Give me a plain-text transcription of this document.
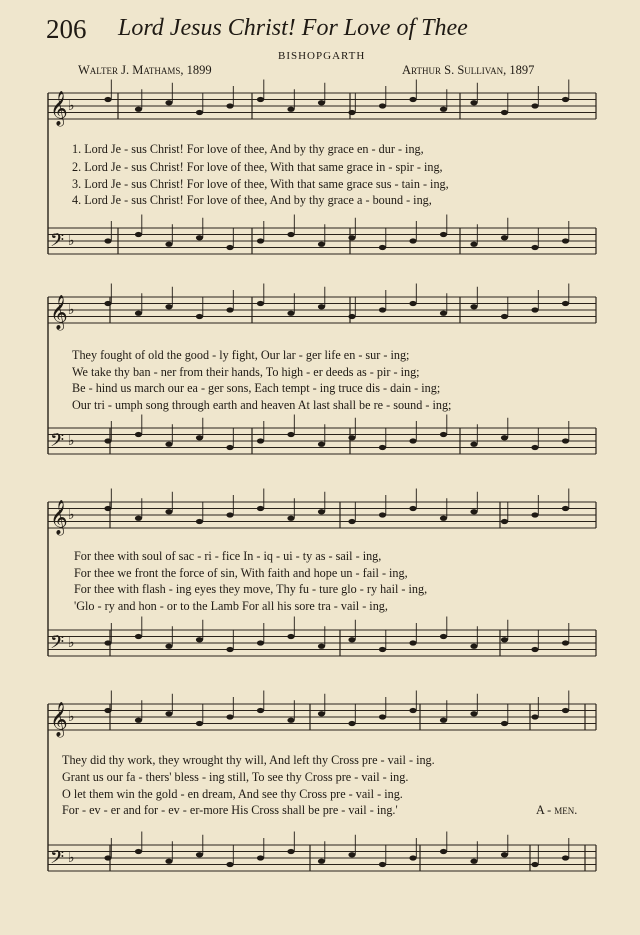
206 Lord Jesus Christ! For Love of Thee
BISHOPGARTH
Walter J. Mathams, 1899	Arthur S. Sullivan, 1897
𝄞 ♭
𝄢 ♭
𝄞 ♭
𝄢 ♭
𝄞 ♭
𝄢 ♭
𝄞 ♭
𝄢 ♭
1. Lord Je - sus Christ! For love of thee, And by thy grace en - dur - ing,
2. Lord Je - sus Christ! For love of thee, With that same grace in - spir - ing,
3. Lord Je - sus Christ! For love of thee, With that same grace sus - tain - ing,
4. Lord Je - sus Christ! For love of thee, And by thy grace a - bound - ing,
They fought of old the good - ly fight, Our lar - ger life en - sur - ing;
We take thy ban - ner from their hands, To high - er deeds as - pir - ing;
Be - hind us march our ea - ger sons, Each tempt - ing truce dis - dain - ing;
Our tri - umph song through earth and heaven At last shall be re - sound - ing;
For thee with soul of sac - ri - fice In - iq - ui - ty as - sail - ing,
For thee we front the force of sin, With faith and hope un - fail - ing,
For thee with flash - ing eyes they move, Thy fu - ture glo - ry hail - ing,
'Glo - ry and hon - or to the Lamb For all his sore tra - vail - ing,
They did thy work, they wrought thy will, And left thy Cross pre - vail - ing.
Grant us our fa - thers' bless - ing still, To see thy Cross pre - vail - ing.
O let them win the gold - en dream, And see thy Cross pre - vail - ing.
For - ev - er and for - ev - er-more His Cross shall be pre - vail - ing.'	A - men.
